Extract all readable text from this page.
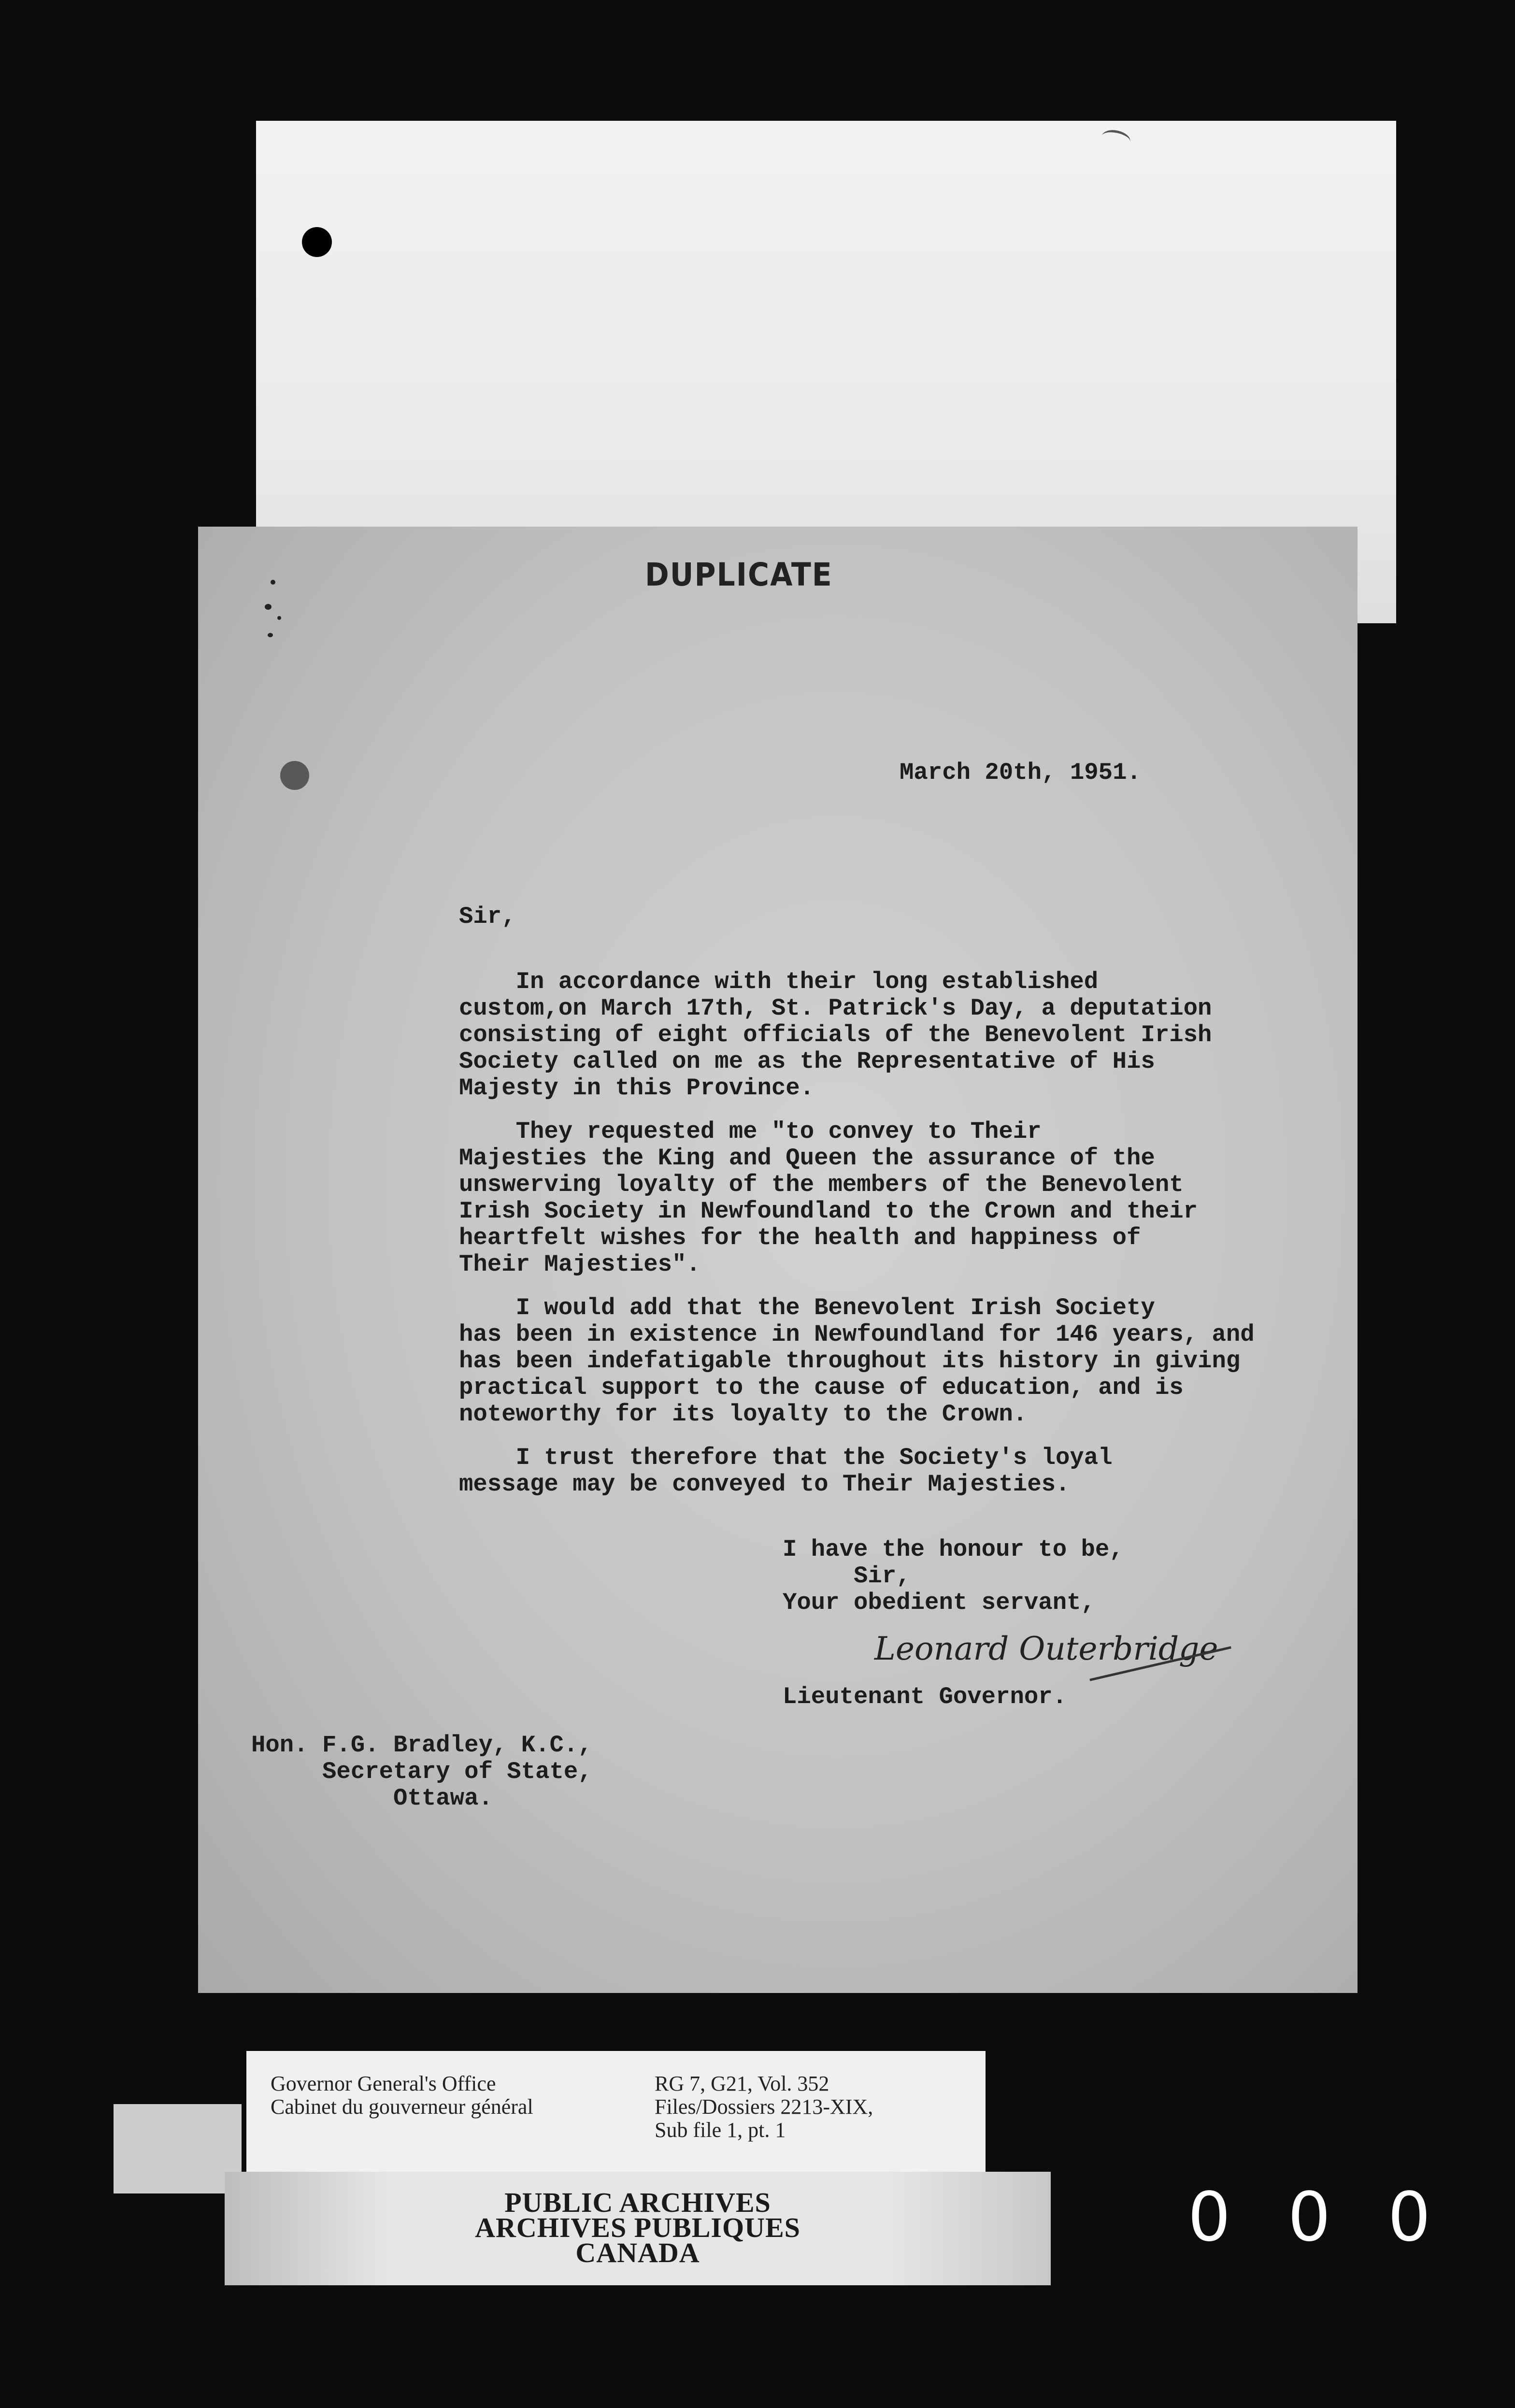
DUPLICATE
March 20th, 1951.
Sir,
In accordance with their long established
custom,on March 17th, St. Patrick's Day, a deputation
consisting of eight officials of the Benevolent Irish
Society called on me as the Representative of His
Majesty in this Province.
They requested me "to convey to Their
Majesties the King and Queen the assurance of the
unswerving loyalty of the members of the Benevolent
Irish Society in Newfoundland to the Crown and their
heartfelt wishes for the health and happiness of
Their Majesties".
I would add that the Benevolent Irish Society
has been in existence in Newfoundland for 146 years, and
has been indefatigable throughout its history in giving
practical support to the cause of education, and is
noteworthy for its loyalty to the Crown.
I trust therefore that the Society's loyal
message may be conveyed to Their Majesties.
I have the honour to be,
Sir,
Your obedient servant,
Leonard Outerbridge
Lieutenant Governor.
Hon. F.G. Bradley, K.C.,
Secretary of State,
Ottawa.
Governor General's Office
Cabinet du gouverneur général
RG 7, G21, Vol. 352
Files/Dossiers 2213-XIX,
Sub file 1, pt. 1
PUBLIC ARCHIVES
ARCHIVES PUBLIQUES
CANADA	0 0 0
